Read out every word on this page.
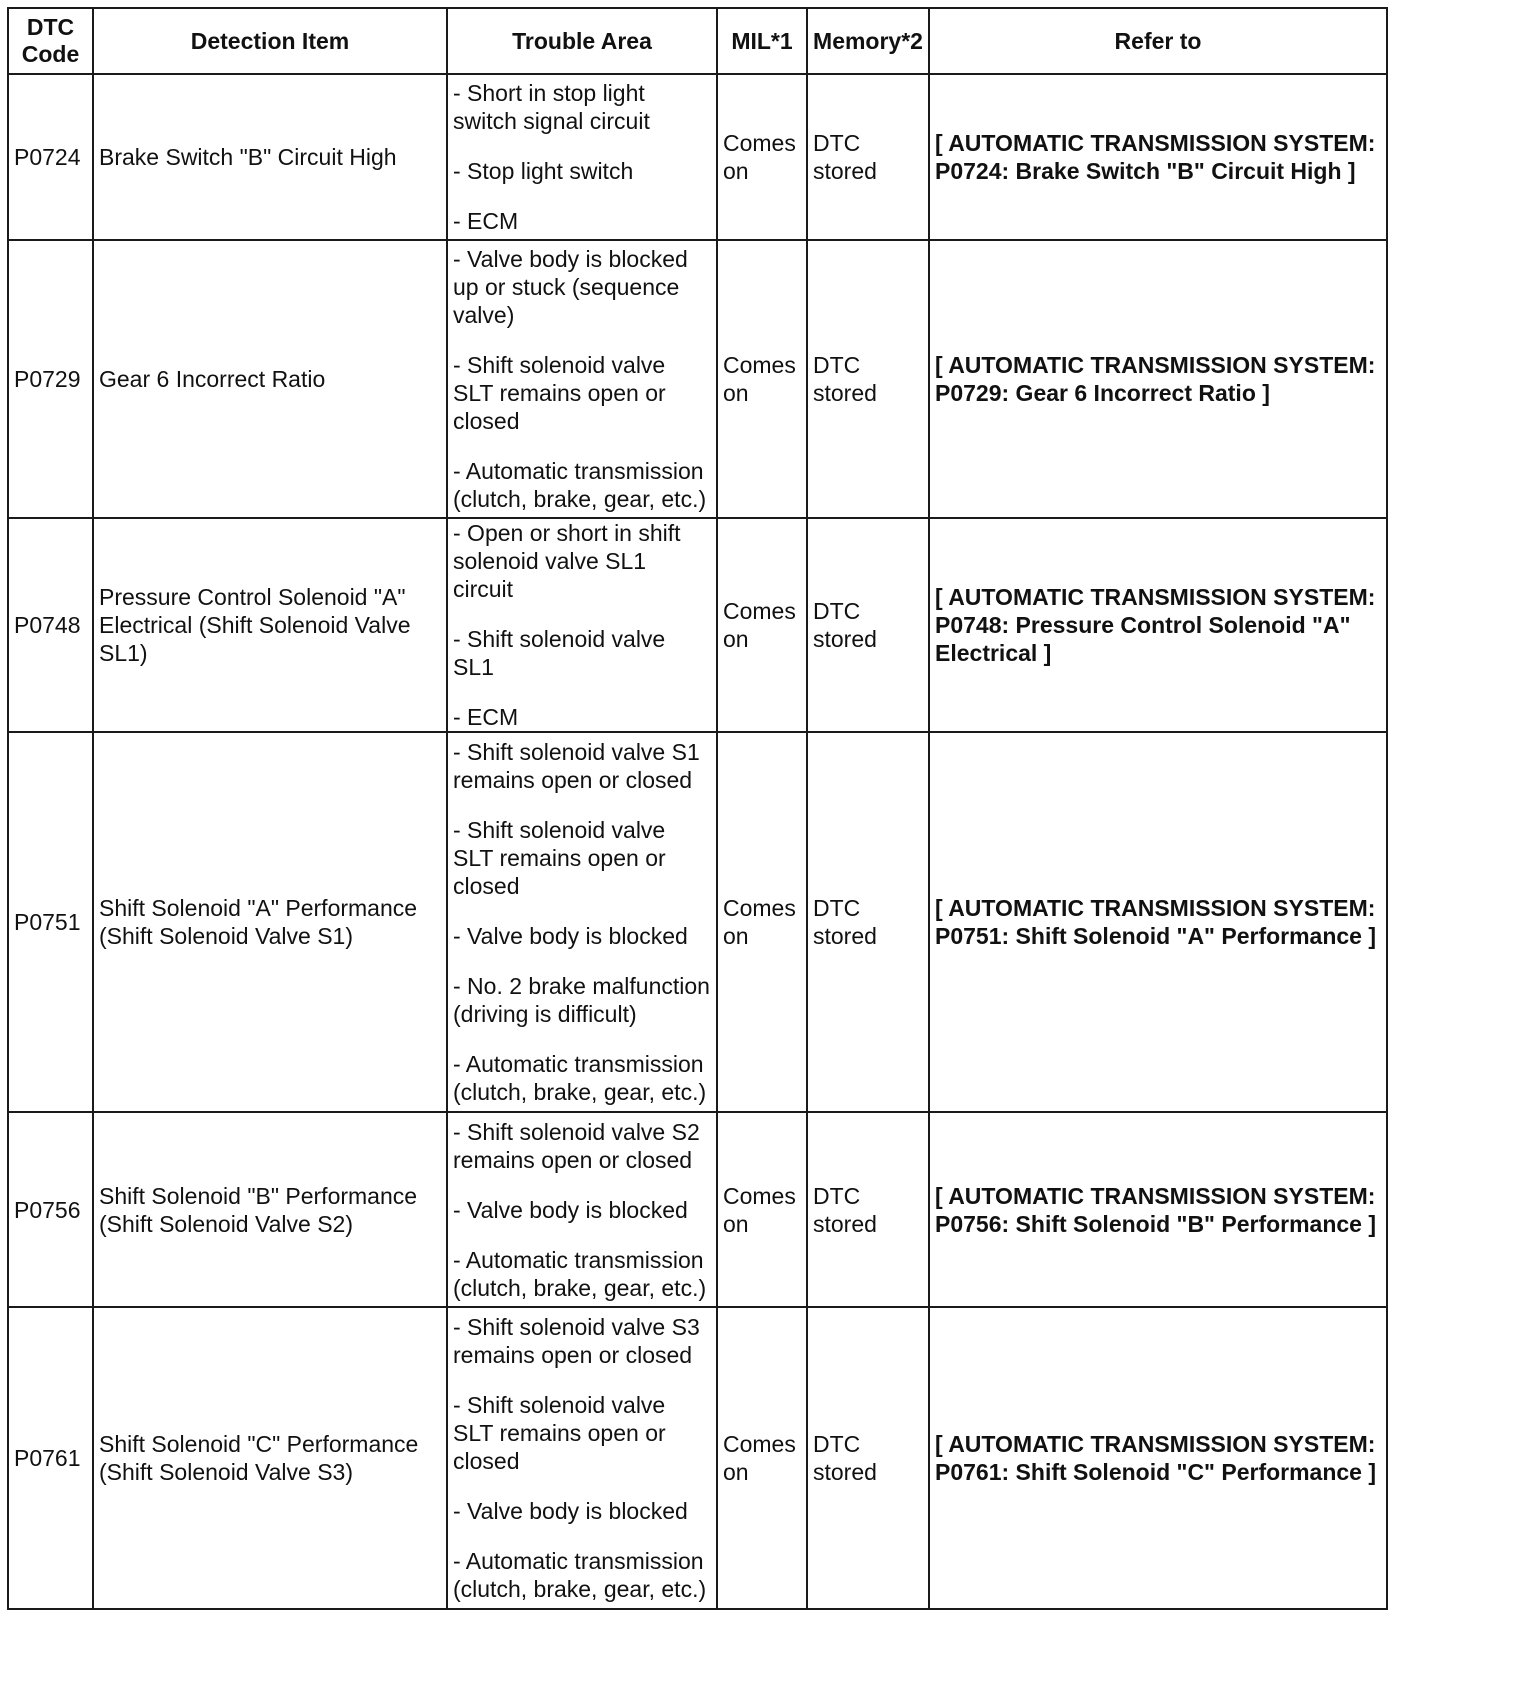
DTC
Code	Detection Item	Trouble Area	MIL*1	Memory*2	Refer to
P0724	Brake Switch "B" Circuit High	- Short in stop light switch signal circuit

- Stop light switch

- ECM	Comes on	DTC stored	[ AUTOMATIC TRANSMISSION SYSTEM: P0724: Brake Switch "B" Circuit High ]
P0729	Gear 6 Incorrect Ratio	- Valve body is blocked up or stuck (sequence valve)

- Shift solenoid valve SLT remains open or closed

- Automatic transmission (clutch, brake, gear, etc.)	Comes on	DTC stored	[ AUTOMATIC TRANSMISSION SYSTEM: P0729: Gear 6 Incorrect Ratio ]
P0748	Pressure Control Solenoid "A" Electrical (Shift Solenoid Valve SL1)	- Open or short in shift solenoid valve SL1 circuit

- Shift solenoid valve SL1

- ECM	Comes on	DTC stored	[ AUTOMATIC TRANSMISSION SYSTEM: P0748: Pressure Control Solenoid "A" Electrical ]
P0751	Shift Solenoid "A" Performance (Shift Solenoid Valve S1)	- Shift solenoid valve S1 remains open or closed

- Shift solenoid valve SLT remains open or closed

- Valve body is blocked

- No. 2 brake malfunction (driving is difficult)

- Automatic transmission (clutch, brake, gear, etc.)	Comes on	DTC stored	[ AUTOMATIC TRANSMISSION SYSTEM: P0751: Shift Solenoid "A" Performance ]
P0756	Shift Solenoid "B" Performance (Shift Solenoid Valve S2)	- Shift solenoid valve S2 remains open or closed

- Valve body is blocked

- Automatic transmission (clutch, brake, gear, etc.)	Comes on	DTC stored	[ AUTOMATIC TRANSMISSION SYSTEM: P0756: Shift Solenoid "B" Performance ]
P0761	Shift Solenoid "C" Performance (Shift Solenoid Valve S3)	- Shift solenoid valve S3 remains open or closed

- Shift solenoid valve SLT remains open or closed

- Valve body is blocked

- Automatic transmission (clutch, brake, gear, etc.)	Comes on	DTC stored	[ AUTOMATIC TRANSMISSION SYSTEM: P0761: Shift Solenoid "C" Performance ]
